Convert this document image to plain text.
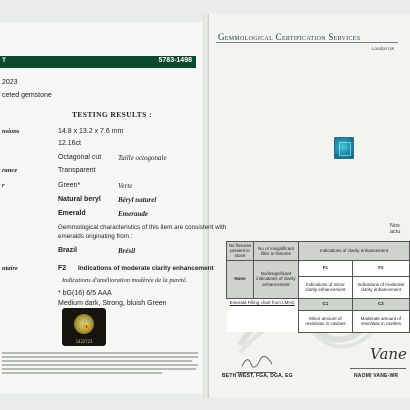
T	5783-1498
2023
ceted gemstone
TESTING RESULTS :
nsions	14.8 x 13.2 x 7.6 mm
12.16ct
Octagonal cut Taille octogonale
rance	Transparent
r	Green*	Verte
Natural beryl Béryl naturel
Emerald	Emeraude
Gemmological characteristics of this item are consistent with
emeralds originating from :
Brazil	Brésil
ntaire	F2 Indications of moderate clarity enhancement
Indications d'amélioration modérée de la pureté.
* bG(16) 6/5 AAA
Medium dark, Strong, bluish Green
🔒
1432723
Gemmological Certification Services
London UK
Nos actu
No fissures present in stone	No or insignificant filler in fissures	Indications of clarity enhancement	
None	No/insignificant indications of clarity enhancement	F1	F2
		Indications of minor clarity enhancement	Indications of moderate clarity enhancement
Emerald Filling chart from LMHC		C1	C2
		Minor amount of resin/wax in cavities	Moderate amount of resin/wax in cavities
BETH WEST, FGA, DGA, EG
Vane
NAOMI VANE-WR
